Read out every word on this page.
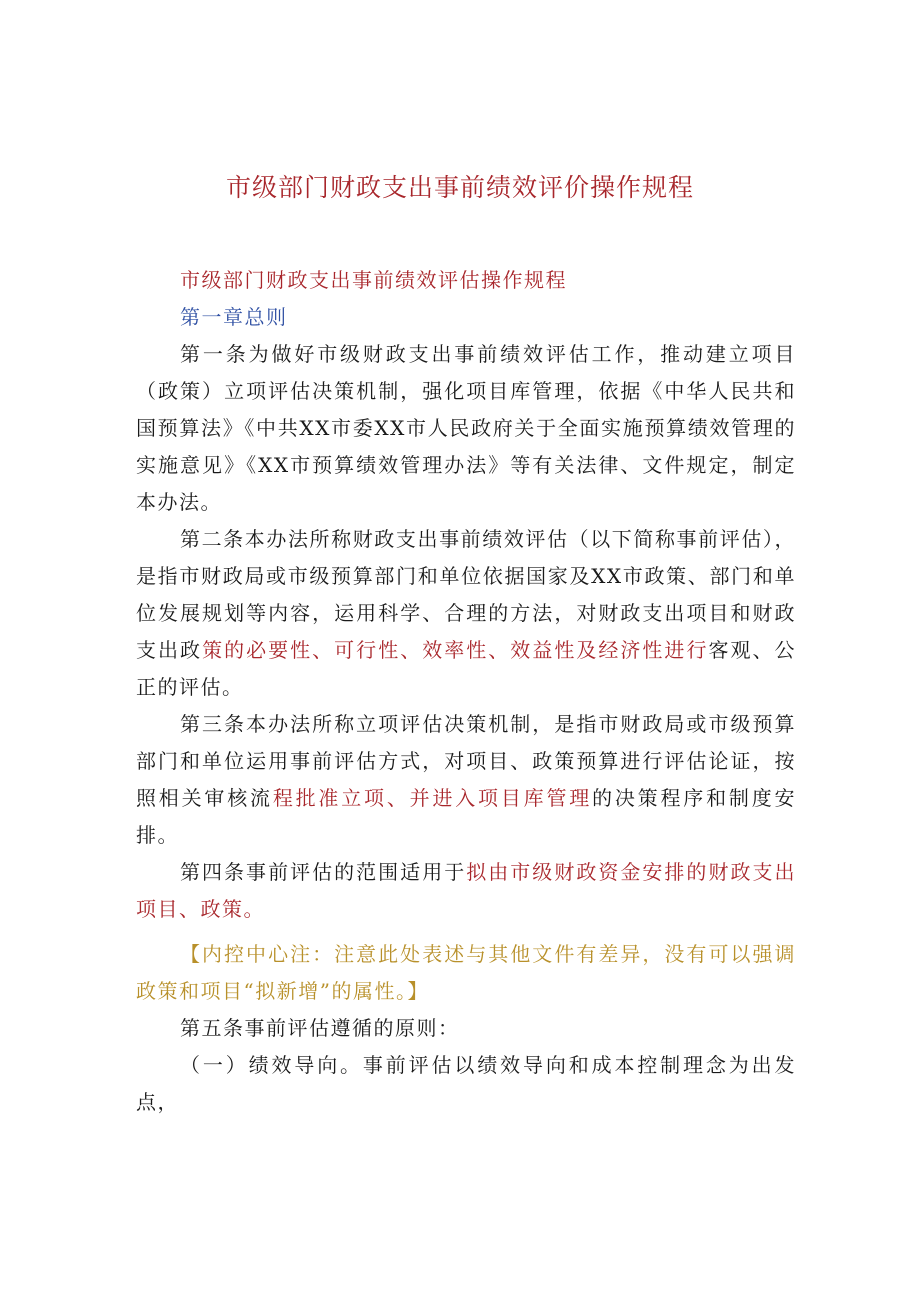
市级部门财政支出事前绩效评价操作规程

市级部门财政支出事前绩效评估操作规程

第一章总则

第一条为做好市级财政支出事前绩效评估工作，推动建立项目（政策）立项评估决策机制，强化项目库管理，依据《中华人民共和国预算法》《中共XX市委XX市人民政府关于全面实施预算绩效管理的实施意见》《XX市预算绩效管理办法》等有关法律、文件规定，制定本办法。

第二条本办法所称财政支出事前绩效评估（以下简称事前评估），是指市财政局或市级预算部门和单位依据国家及XX市政策、部门和单位发展规划等内容，运用科学、合理的方法，对财政支出项目和财政支出政策的必要性、可行性、效率性、效益性及经济性进行客观、公正的评估。

第三条本办法所称立项评估决策机制，是指市财政局或市级预算部门和单位运用事前评估方式，对项目、政策预算进行评估论证，按照相关审核流程批准立项、并进入项目库管理的决策程序和制度安排。

第四条事前评估的范围适用于拟由市级财政资金安排的财政支出项目、政策。

【内控中心注：注意此处表述与其他文件有差异，没有可以强调政策和项目“拟新增”的属性。】

第五条事前评估遵循的原则：

（一）绩效导向。事前评估以绩效导向和成本控制理念为出发点，
